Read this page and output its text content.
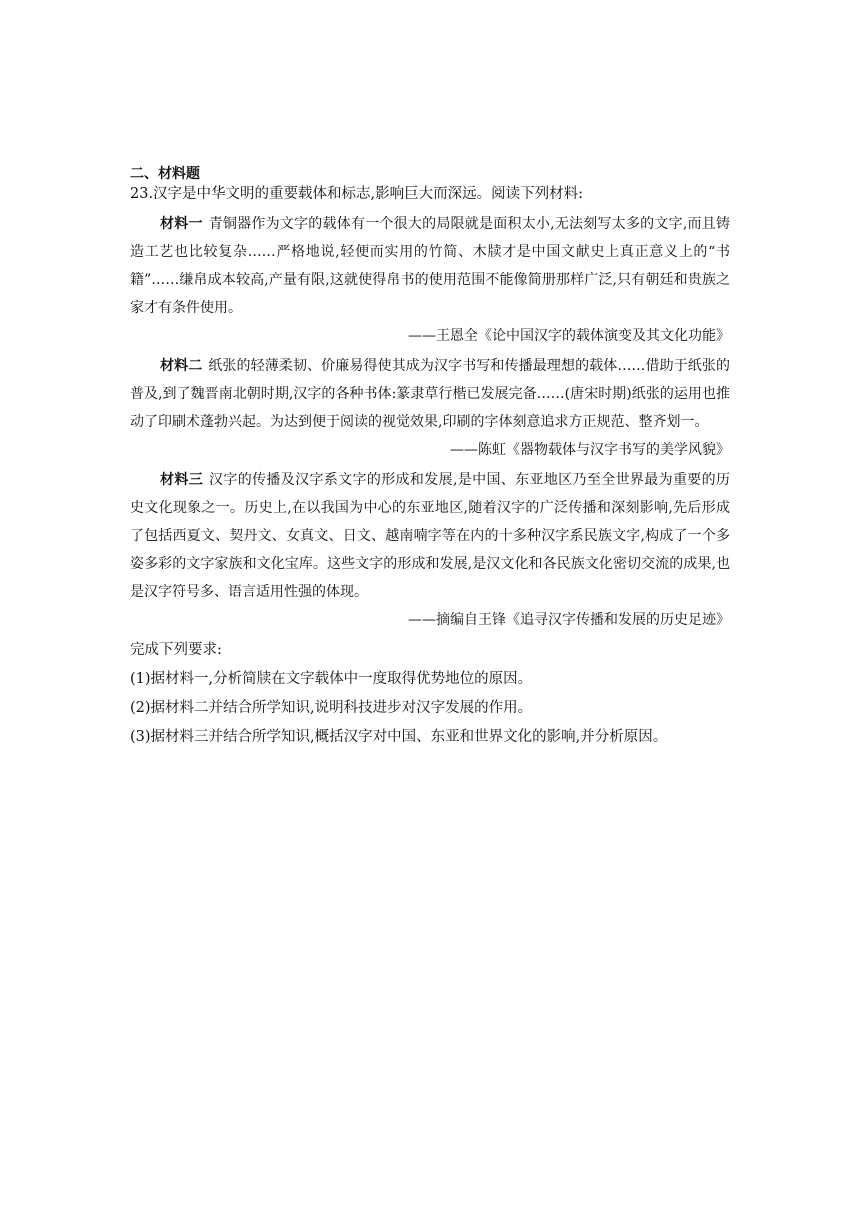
二、材料题

23.汉字是中华文明的重要载体和标志,影响巨大而深远。阅读下列材料:

材料一 青铜器作为文字的载体有一个很大的局限就是面积太小,无法刻写太多的文字,而且铸造工艺也比较复杂……严格地说,轻便而实用的竹简、木牍才是中国文献史上真正意义上的“书籍”……缣帛成本较高,产量有限,这就使得帛书的使用范围不能像简册那样广泛,只有朝廷和贵族之家才有条件使用。

——王恩全《论中国汉字的载体演变及其文化功能》

材料二 纸张的轻薄柔韧、价廉易得使其成为汉字书写和传播最理想的载体……借助于纸张的普及,到了魏晋南北朝时期,汉字的各种书体:篆隶草行楷已发展完备……(唐宋时期)纸张的运用也推动了印刷术蓬勃兴起。为达到便于阅读的视觉效果,印刷的字体刻意追求方正规范、整齐划一。

——陈虹《器物载体与汉字书写的美学风貌》

材料三 汉字的传播及汉字系文字的形成和发展,是中国、东亚地区乃至全世界最为重要的历史文化现象之一。历史上,在以我国为中心的东亚地区,随着汉字的广泛传播和深刻影响,先后形成了包括西夏文、契丹文、女真文、日文、越南喃字等在内的十多种汉字系民族文字,构成了一个多姿多彩的文字家族和文化宝库。这些文字的形成和发展,是汉文化和各民族文化密切交流的成果,也是汉字符号多、语言适用性强的体现。

——摘编自王锋《追寻汉字传播和发展的历史足迹》

完成下列要求:

(1)据材料一,分析简牍在文字载体中一度取得优势地位的原因。

(2)据材料二并结合所学知识,说明科技进步对汉字发展的作用。

(3)据材料三并结合所学知识,概括汉字对中国、东亚和世界文化的影响,并分析原因。
